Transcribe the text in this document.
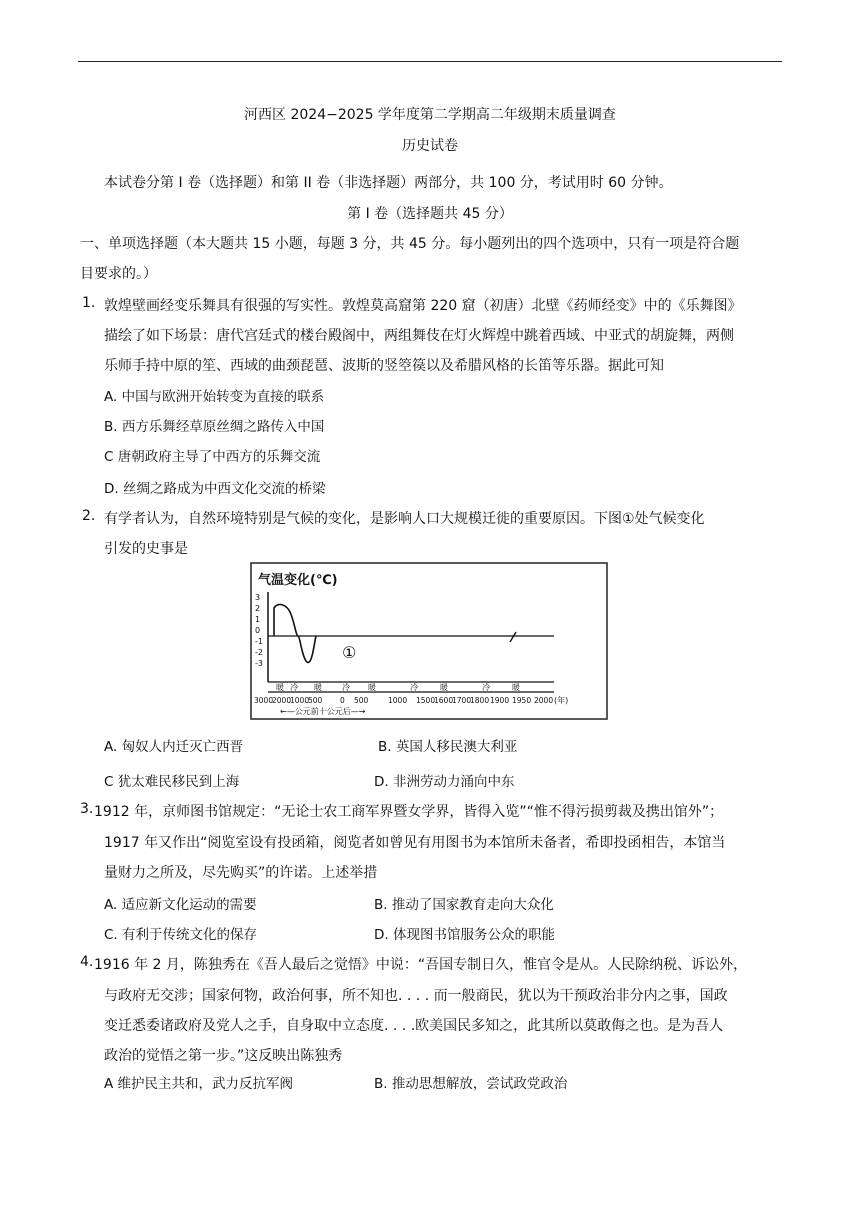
河西区 2024−2025 学年度第二学期高二年级期末质量调查
历史试卷
本试卷分第 I 卷（选择题）和第 II 卷（非选择题）两部分，共 100 分，考试用时 60 分钟。
第 I 卷（选择题共 45 分）
一、单项选择题（本大题共 15 小题，每题 3 分，共 45 分。每小题列出的四个选项中，只有一项是符合题
目要求的。）
1. 敦煌壁画经变乐舞具有很强的写实性。敦煌莫高窟第 220 窟（初唐）北壁《药师经变》中的《乐舞图》
描绘了如下场景：唐代宫廷式的楼台殿阁中，两组舞伎在灯火辉煌中跳着西域、中亚式的胡旋舞，两侧
乐师手持中原的笙、西域的曲颈琵琶、波斯的竖箜篌以及希腊风格的长笛等乐器。据此可知
A. 中国与欧洲开始转变为直接的联系
B. 西方乐舞经草原丝绸之路传入中国
C 唐朝政府主导了中西方的乐舞交流
D. 丝绸之路成为中西文化交流的桥梁
2. 有学者认为，自然环境特别是气候的变化，是影响人口大规模迁徙的重要原因。下图①处气候变化
引发的史事是
气温变化(℃)
3
2
1
0
-1
-2
-3
①
暖 冷 暖	冷 暖	冷	暖	冷	暖
3000
2000
1000
500 0 500	1000 1500
1600
1700
1800 1900 1950 2000 (年)
←—公元前十公元后—→
A. 匈奴人内迁灭亡西晋	B. 英国人移民澳大利亚
C 犹太难民移民到上海	D. 非洲劳动力涌向中东
3. 1912 年，京师图书馆规定：“无论士农工商军界暨女学界，皆得入览”“惟不得污损剪裁及携出馆外”；
1917 年又作出“阅览室设有投函箱，阅览者如曾见有用图书为本馆所未备者，希即投函相告，本馆当
量财力之所及，尽先购买”的许诺。上述举措
A. 适应新文化运动的需要	B. 推动了国家教育走向大众化
C. 有利于传统文化的保存	D. 体现图书馆服务公众的职能
4. 1916 年 2 月，陈独秀在《吾人最后之觉悟》中说：“吾国专制日久，惟官令是从。人民除纳税、诉讼外，
与政府无交涉；国家何物，政治何事，所不知也. . . . 而一般商民，犹以为干预政治非分内之事，国政
变迁悉委诸政府及党人之手，自身取中立态度. . . .欧美国民多知之，此其所以莫敢侮之也。是为吾人
政治的觉悟之第一步。”这反映出陈独秀
A 维护民主共和，武力反抗军阀	B. 推动思想解放，尝试政党政治
